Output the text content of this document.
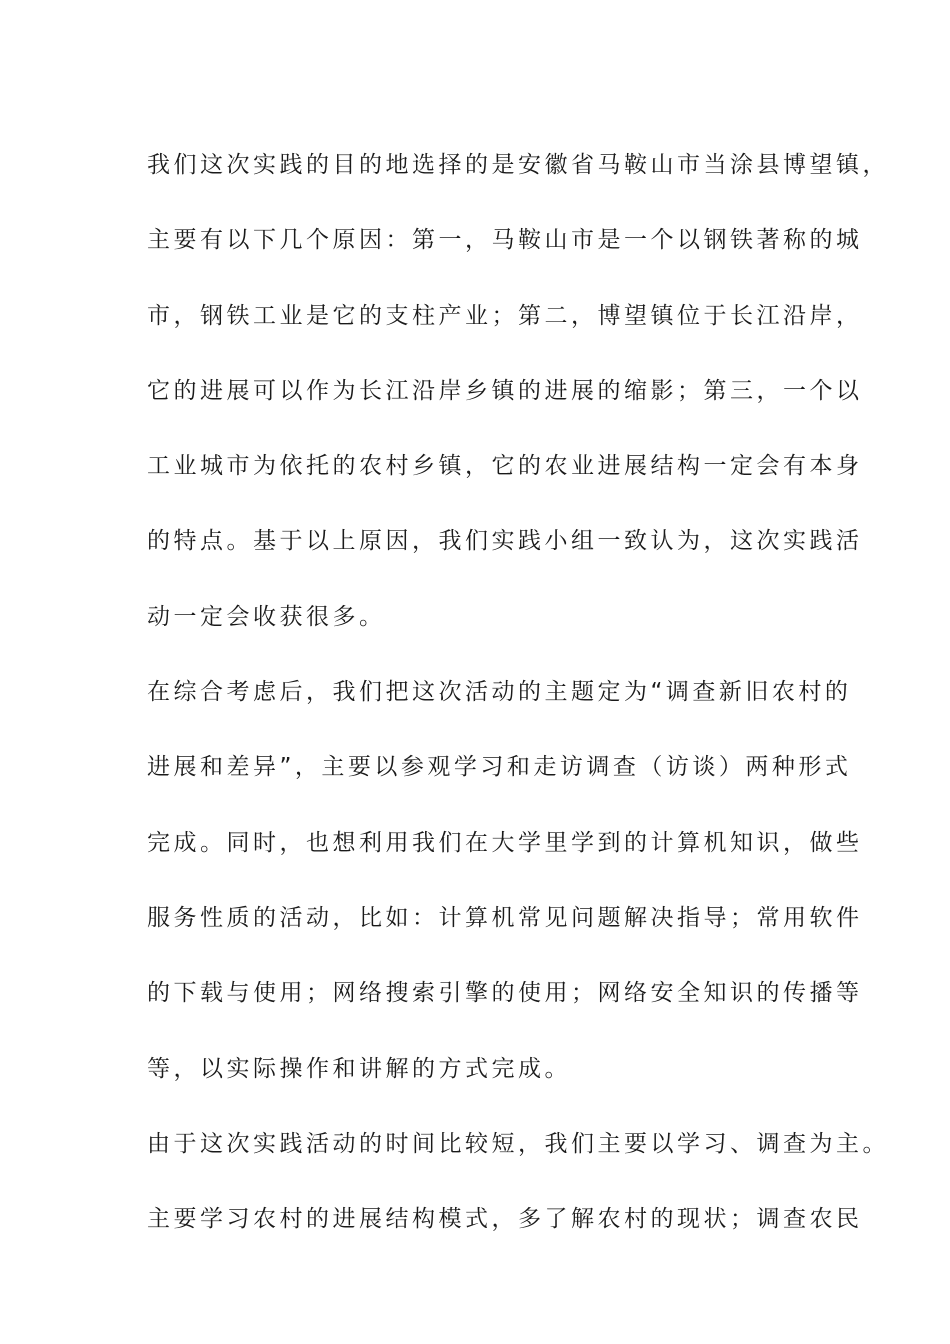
我们这次实践的目的地选择的是安徽省马鞍山市当涂县博望镇，
主要有以下几个原因：第一，马鞍山市是一个以钢铁著称的城
市，钢铁工业是它的支柱产业；第二，博望镇位于长江沿岸，
它的进展可以作为长江沿岸乡镇的进展的缩影；第三，一个以
工业城市为依托的农村乡镇，它的农业进展结构一定会有本身
的特点。基于以上原因，我们实践小组一致认为，这次实践活
动一定会收获很多。
在综合考虑后，我们把这次活动的主题定为“调查新旧农村的
进展和差异”，主要以参观学习和走访调查（访谈）两种形式
完成。同时，也想利用我们在大学里学到的计算机知识，做些
服务性质的活动，比如：计算机常见问题解决指导；常用软件
的下载与使用；网络搜索引擎的使用；网络安全知识的传播等
等，以实际操作和讲解的方式完成。
由于这次实践活动的时间比较短，我们主要以学习、调查为主。
主要学习农村的进展结构模式，多了解农村的现状；调查农民
